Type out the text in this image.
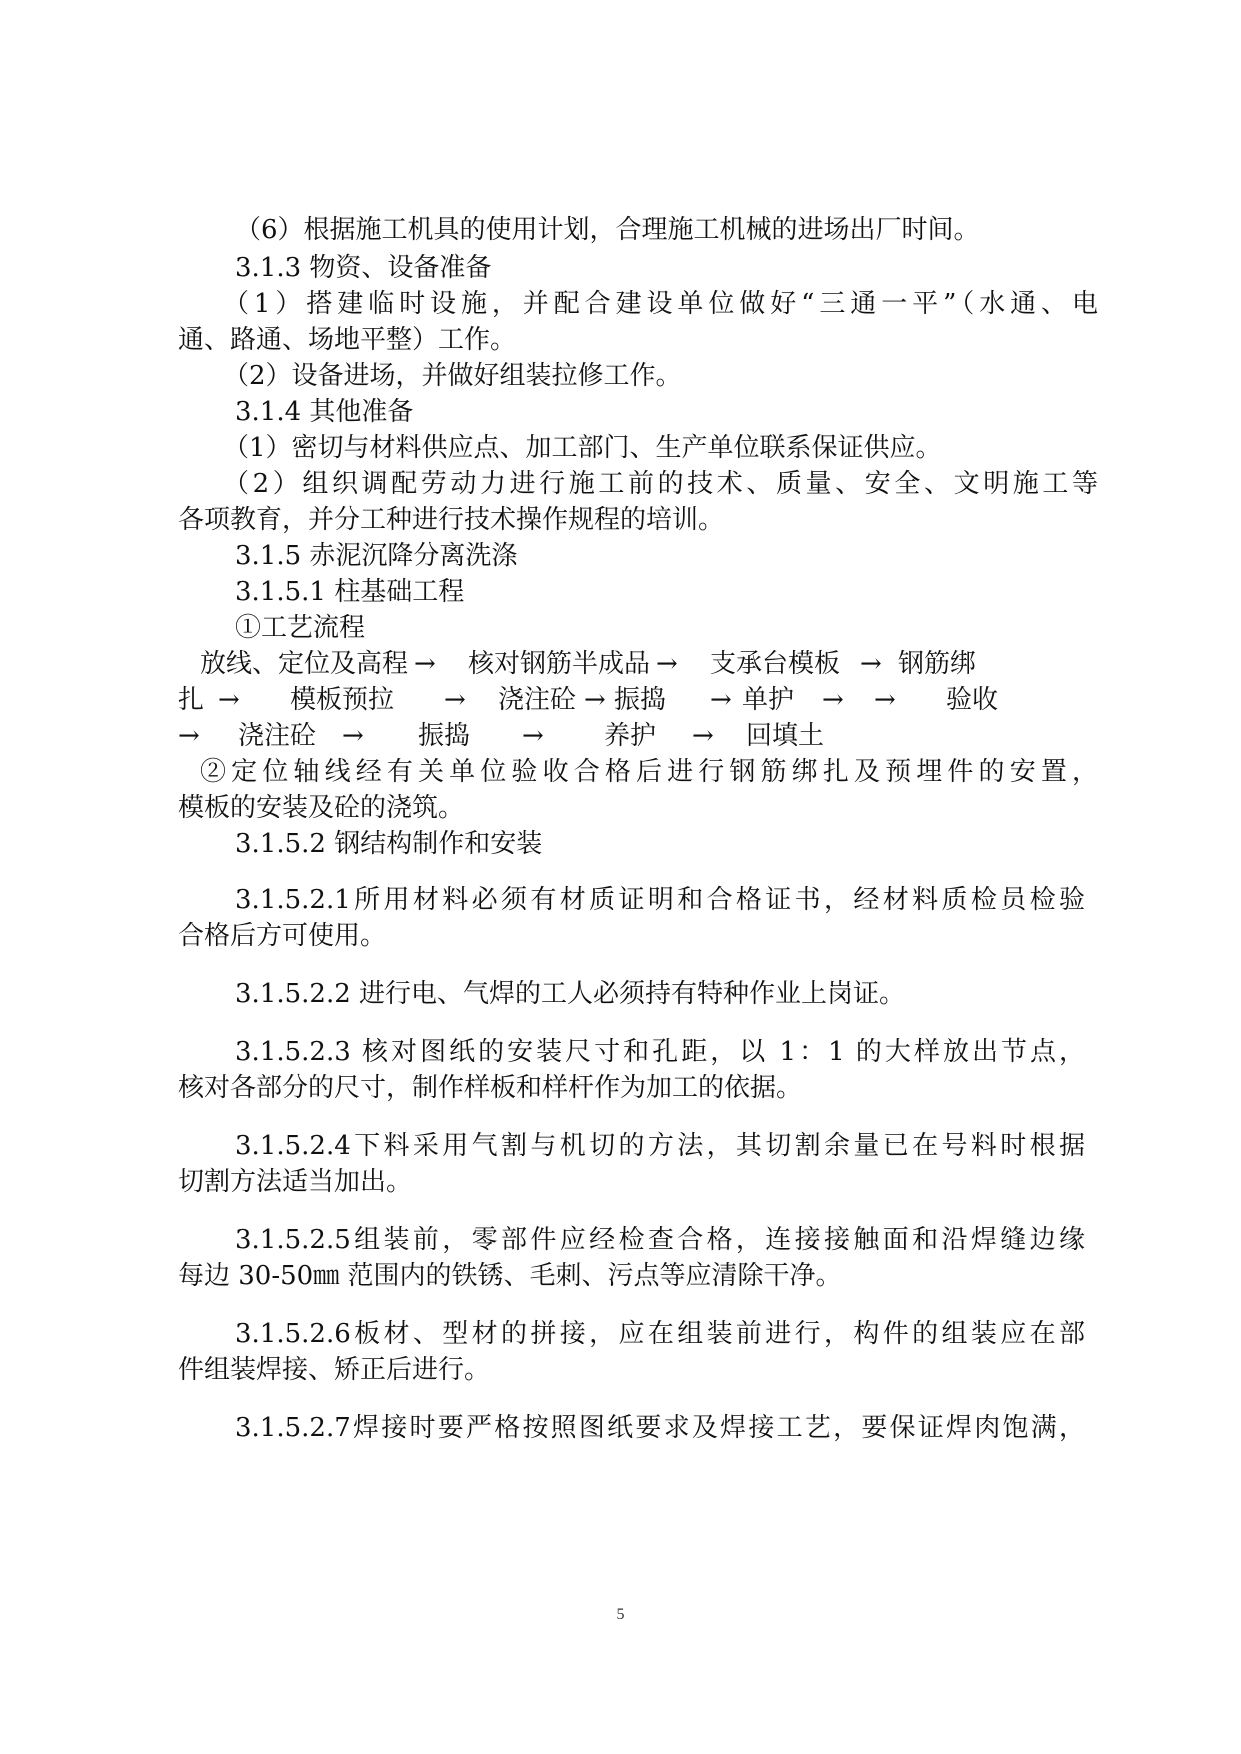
（6）根据施工机具的使用计划，合理施工机械的进场出厂时间。
3.1.3 物资、设备准备
（1）搭建临时设施，并配合建设单位做好“三通一平”（水通、电
通、路通、场地平整）工作。
（2）设备进场，并做好组装拉修工作。
3.1.4 其他准备
（1）密切与材料供应点、加工部门、生产单位联系保证供应。
（2）组织调配劳动力进行施工前的技术、质量、安全、文明施工等
各项教育，并分工种进行技术操作规程的培训。
3.1.5 赤泥沉降分离洗涤
3.1.5.1 柱基础工程
①工艺流程
放线、定位及高程 → 核对钢筋半成品 → 支承台模板 → 钢筋绑
扎 → 模板预拉 → 浇注砼 → 振捣 → 单护 → → 验收
→ 浇注砼 → 振捣 → 养护 → 回填土
②定位轴线经有关单位验收合格后进行钢筋绑扎及预埋件的安置，
模板的安装及砼的浇筑。
3.1.5.2 钢结构制作和安装
3.1.5.2.1所用材料必须有材质证明和合格证书，经材料质检员检验
合格后方可使用。
3.1.5.2.2 进行电、气焊的工人必须持有特种作业上岗证。
3.1.5.2.3 核对图纸的安装尺寸和孔距，以 1：1 的大样放出节点，
核对各部分的尺寸，制作样板和样杆作为加工的依据。
3.1.5.2.4下料采用气割与机切的方法，其切割余量已在号料时根据
切割方法适当加出。
3.1.5.2.5组装前，零部件应经检查合格，连接接触面和沿焊缝边缘
每边 30-50㎜ 范围内的铁锈、毛刺、污点等应清除干净。
3.1.5.2.6板材、型材的拼接，应在组装前进行，构件的组装应在部
件组装焊接、矫正后进行。
3.1.5.2.7焊接时要严格按照图纸要求及焊接工艺，要保证焊肉饱满，
5
